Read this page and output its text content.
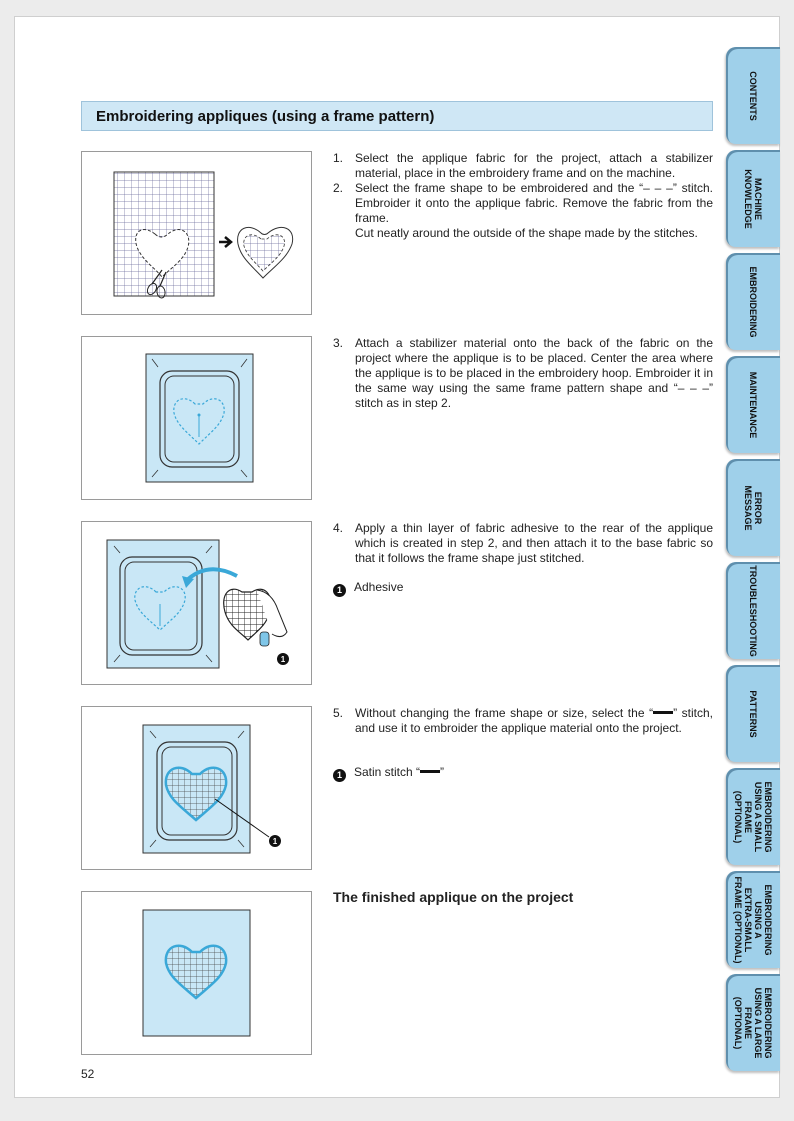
Embroidering appliques (using a frame pattern)
1
1
1. Select the applique fabric for the project, attach a stabilizer material, place in the embroidery frame and on the machine.
2. Select the frame shape to be embroidered and the “– – –” stitch. Embroider it onto the applique fabric. Remove the fabric from the frame.
Cut neatly around the outside of the shape made by the stitches.
3. Attach a stabilizer material onto the back of the fabric on the project where the applique is to be placed. Center the area where the applique is to be placed in the embroidery hoop. Embroider it in the same way using the same frame pattern shape and “– – –” stitch as in step 2.
4. Apply a thin layer of fabric adhesive to the rear of the applique which is created in step 2, and then attach it to the base fabric so that it follows the frame shape just stitched.
1 Adhesive
5. Without changing the frame shape or size, select the “ ” stitch, and use it to embroider the applique material onto the project.
1 Satin stitch “ ”
The finished applique on the project
52
CONTENTS
MACHINE
KNOWLEDGE
EMBROIDERING
MAINTENANCE
ERROR
MESSAGE
TROUBLESHOOTING
PATTERNS
EMBROIDERING
USING A SMALL
FRAME
(OPTIONAL)
EMBROIDERING
USING A
EXTRA-SMALL
FRAME (OPTIONAL)
EMBROIDERING
USING A LARGE
FRAME
(OPTIONAL)
